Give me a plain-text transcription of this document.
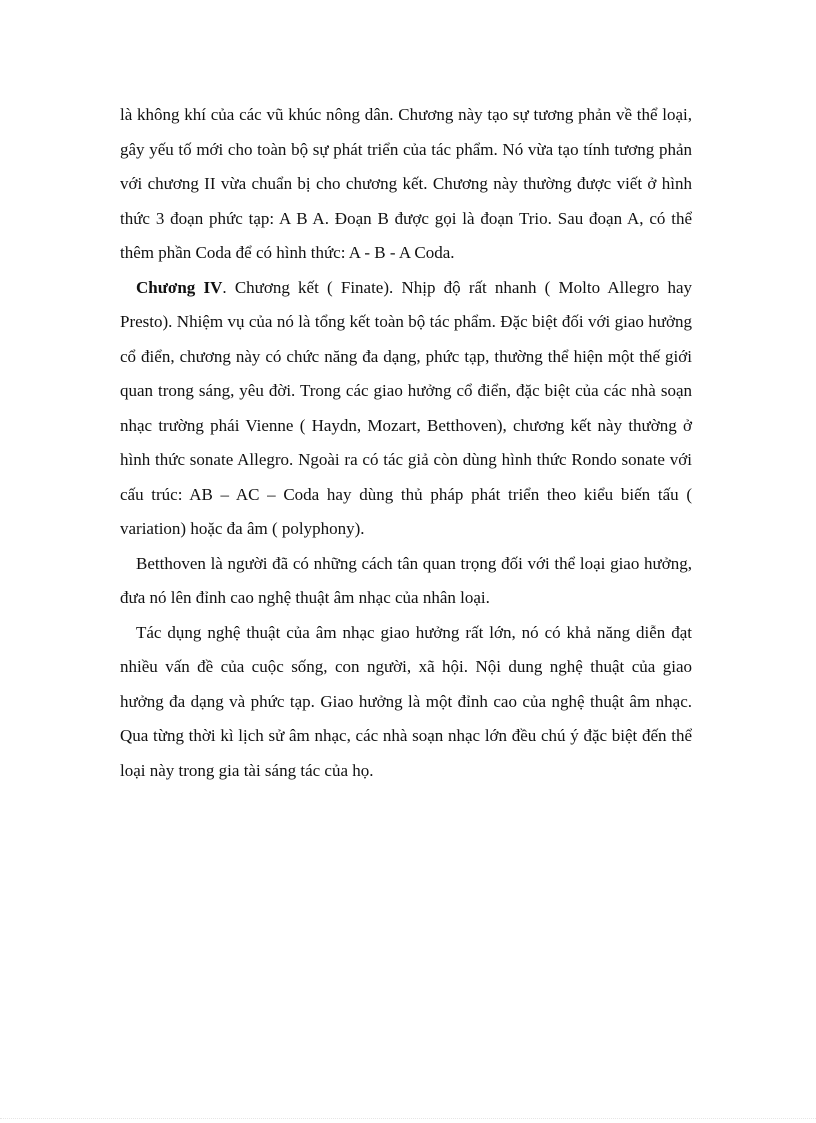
là không khí của các vũ khúc nông dân. Chương này tạo sự tương phản về thể loại, gây yếu tố mới cho toàn bộ sự phát triển của tác phẩm. Nó vừa tạo tính tương phản với chương II vừa chuẩn bị cho chương kết. Chương này thường được viết ở hình thức 3 đoạn phức tạp: A B A. Đoạn B được gọi là đoạn Trio. Sau đoạn A, có thể thêm phần Coda để có hình thức: A - B - A Coda.

Chương IV. Chương kết ( Finate). Nhịp độ rất nhanh ( Molto Allegro hay Presto). Nhiệm vụ của nó là tổng kết toàn bộ tác phẩm. Đặc biệt đối với giao hưởng cổ điển, chương này có chức năng đa dạng, phức tạp, thường thể hiện một thế giới quan trong sáng, yêu đời. Trong các giao hưởng cổ điển, đặc biệt của các nhà soạn nhạc trường phái Vienne ( Haydn, Mozart, Betthoven), chương kết này thường ở hình thức sonate Allegro. Ngoài ra có tác giả còn dùng hình thức Rondo sonate với cấu trúc: AB – AC – Coda hay dùng thủ pháp phát triển theo kiểu biến tấu ( variation) hoặc đa âm ( polyphony).

Betthoven là người đã có những cách tân quan trọng đối với thể loại giao hưởng, đưa nó lên đỉnh cao nghệ thuật âm nhạc của nhân loại.

Tác dụng nghệ thuật của âm nhạc giao hưởng rất lớn, nó có khả năng diễn đạt nhiều vấn đề của cuộc sống, con người, xã hội. Nội dung nghệ thuật của giao hưởng đa dạng và phức tạp. Giao hưởng là một đỉnh cao của nghệ thuật âm nhạc. Qua từng thời kì lịch sử âm nhạc, các nhà soạn nhạc lớn đều chú ý đặc biệt đến thể loại này trong gia tài sáng tác của họ.
